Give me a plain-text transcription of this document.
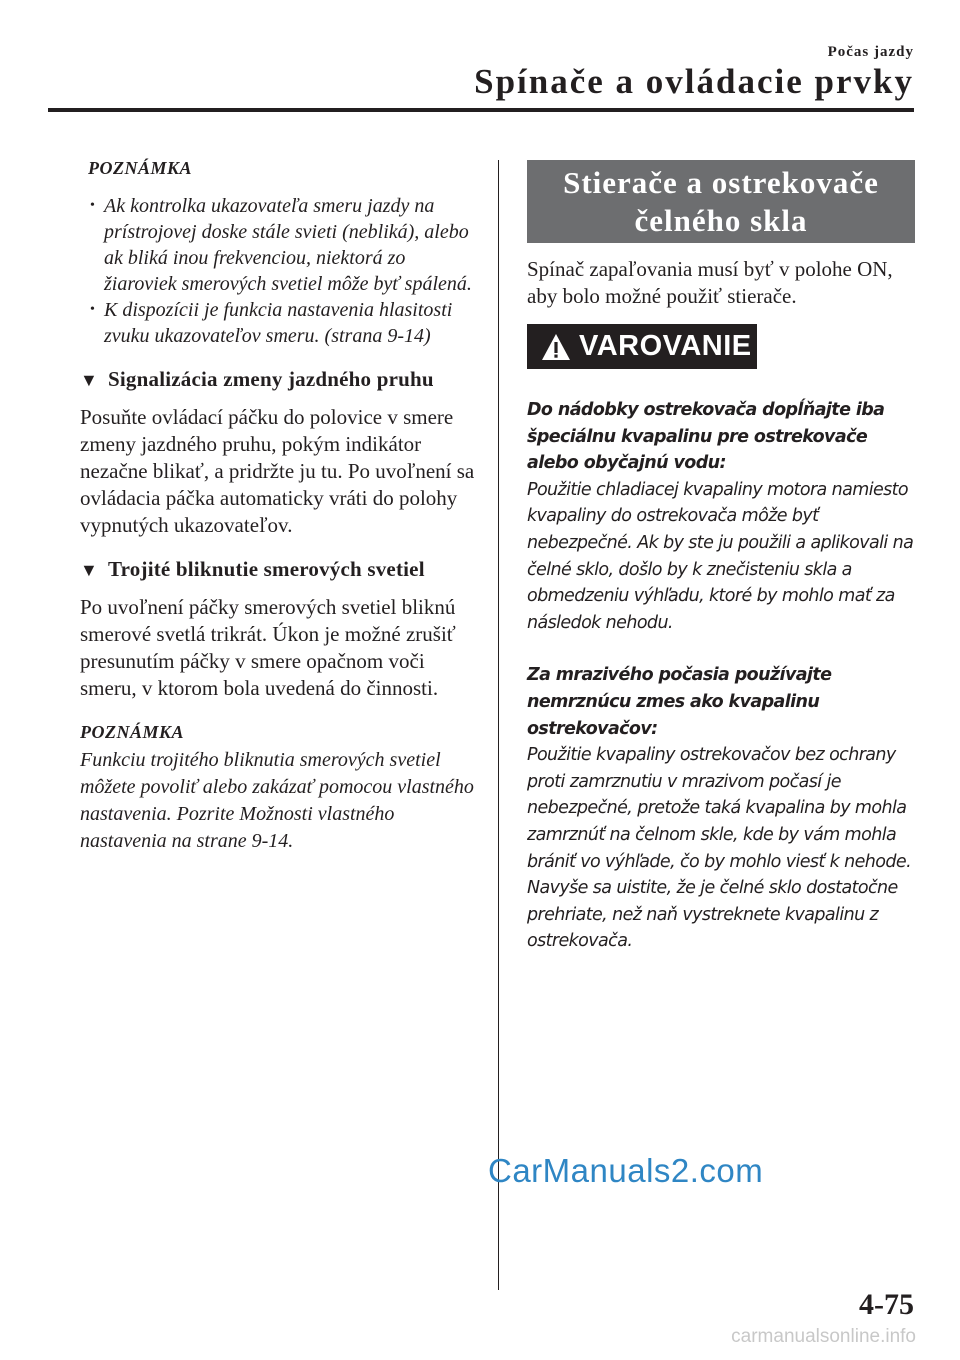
Počas jazdy
Spínače a ovládacie prvky
POZNÁMKA
• Ak kontrolka ukazovateľa smeru jazdy na prístrojovej doske stále svieti (nebliká), alebo ak bliká inou frekvenciou, niektorá zo žiaroviek smerových svetiel môže byť spálená.
• K dispozícii je funkcia nastavenia hlasitosti zvuku ukazovateľov smeru. (strana 9-14)
▼ Signalizácia zmeny jazdného pruhu

Posuňte ovládací páčku do polovice v smere zmeny jazdného pruhu, pokým indikátor nezačne blikať, a pridržte ju tu. Po uvoľnení sa ovládacia páčka automaticky vráti do polohy vypnutých ukazovateľov.

▼ Trojité bliknutie smerových svetiel

Po uvoľnení páčky smerových svetiel bliknú smerové svetlá trikrát. Úkon je možné zrušiť presunutím páčky v smere opačnom voči smeru, v ktorom bola uvedená do činnosti.

POZNÁMKA

Funkciu trojitého bliknutia smerových svetiel môžete povoliť alebo zakázať pomocou vlastného nastavenia. Pozrite Možnosti vlastného nastavenia na strane 9-14.

Stierače a ostrekovače
čelného skla
Spínač zapaľovania musí byť v polohe ON, aby bolo možné použiť stierače.
VAROVANIE

Do nádobky ostrekovača dopĺňajte iba špeciálnu kvapalinu pre ostrekovače alebo obyčajnú vodu:

Použitie chladiacej kvapaliny motora namiesto kvapaliny do ostrekovača môže byť nebezpečné. Ak by ste ju použili a aplikovali na čelné sklo, došlo by k znečisteniu skla a obmedzeniu výhľadu, ktoré by mohlo mať za následok nehodu.

Za mrazivého počasia používajte nemrznúcu zmes ako kvapalinu ostrekovačov:

Použitie kvapaliny ostrekovačov bez ochrany proti zamrznutiu v mrazivom počasí je nebezpečné, pretože taká kvapalina by mohla zamrznúť na čelnom skle, kde by vám mohla brániť vo výhľade, čo by mohlo viesť k nehode. Navyše sa uistite, že je čelné sklo dostatočne prehriate, než naň vystreknete kvapalinu z ostrekovača.

CarManuals2.com
4-75
carmanualsonline.info
